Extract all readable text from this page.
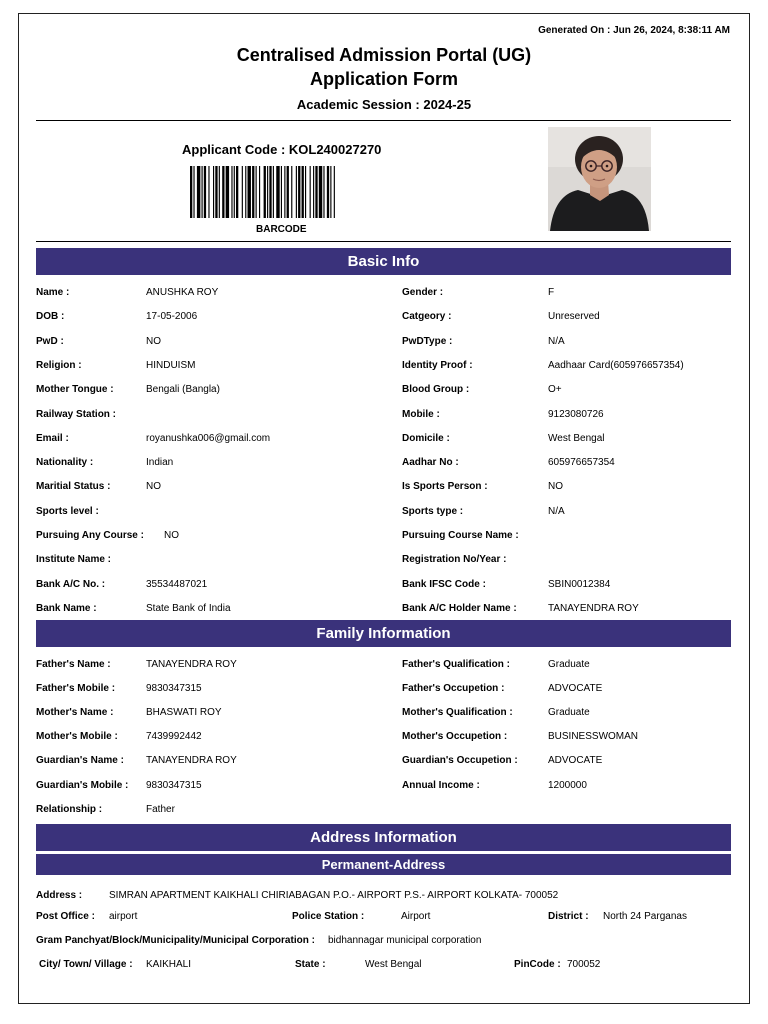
Generated On : Jun 26, 2024, 8:38:11 AM
Centralised Admission Portal (UG)
Application Form
Academic Session : 2024-25
Applicant Code : KOL240027270
BARCODE
Basic Info
Name :	ANUSHKA ROY	Gender :	F
DOB :	17-05-2006	Catgeory :	Unreserved
PwD :	NO	PwDType :	N/A
Religion :	HINDUISM	Identity Proof :	Aadhaar Card(605976657354)
Mother Tongue :	Bengali (Bangla)	Blood Group :	O+
Railway Station :	Mobile :	9123080726
Email :	royanushka006@gmail.com	Domicile :	West Bengal
Nationality :	Indian	Aadhar No :	605976657354
Maritial Status :	NO	Is Sports Person :	NO
Sports level :	Sports type :	N/A
Pursuing Any Course : NO	Pursuing Course Name :
Institute Name :	Registration No/Year :
Bank A/C No. :	35534487021	Bank IFSC Code :	SBIN0012384
Bank Name :	State Bank of India	Bank A/C Holder Name :	TANAYENDRA ROY
Family Information
Father's Name :	TANAYENDRA ROY	Father's Qualification :	Graduate
Father's Mobile :	9830347315	Father's Occupetion :	ADVOCATE
Mother's Name :	BHASWATI ROY	Mother's Qualification :	Graduate
Mother's Mobile :	7439992442	Mother's Occupetion :	BUSINESSWOMAN
Guardian's Name : TANAYENDRA ROY	Guardian's Occupetion :	ADVOCATE
Guardian's Mobile : 9830347315	Annual Income :	1200000
Relationship :	Father
Address Information
Permanent-Address
Address :	SIMRAN APARTMENT KAIKHALI CHIRIABAGAN P.O.- AIRPORT P.S.- AIRPORT KOLKATA- 700052
Post Office : airport	Police Station :	Airport	District : North 24 Parganas
Gram Panchyat/Block/Municipality/Municipal Corporation : bidhannagar municipal corporation
City/ Town/ Village : KAIKHALI	State :	West Bengal	PinCode : 700052
